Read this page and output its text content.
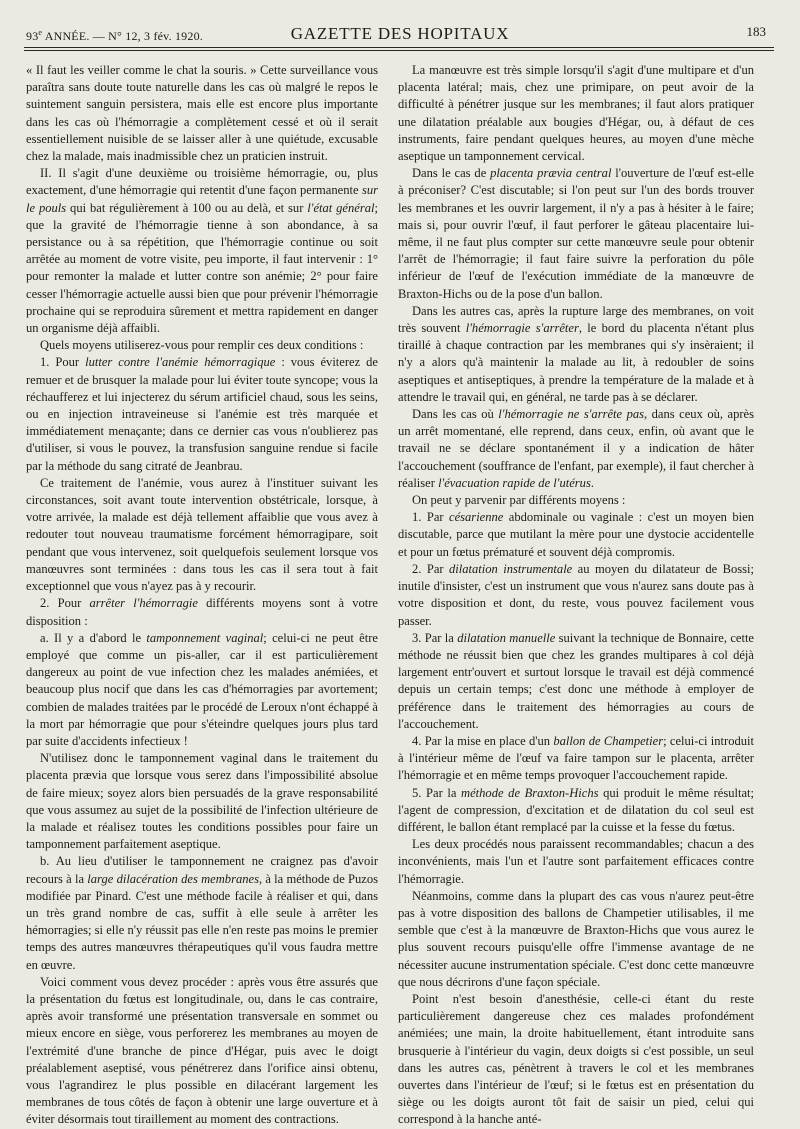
93e ANNÉE. — N° 12, 3 fév. 1920.	GAZETTE DES HOPITAUX	183

« Il faut les veiller comme le chat la souris. » Cette surveillance vous paraîtra sans doute toute naturelle dans les cas où malgré le repos le suintement sanguin persistera, mais elle est encore plus importante dans les cas où l'hémorragie a complètement cessé et où il serait essentiellement nuisible de se laisser aller à une quiétude, excusable chez la malade, mais inadmissible chez un praticien instruit.

II. Il s'agit d'une deuxième ou troisième hémorragie, ou, plus exactement, d'une hémorragie qui retentit d'une façon permanente sur le pouls qui bat régulièrement à 100 ou au delà, et sur l'état général; que la gravité de l'hémorragie tienne à son abondance, à sa persistance ou à sa répétition, que l'hémorragie continue ou soit arrêtée au moment de votre visite, peu importe, il faut intervenir : 1° pour remonter la malade et lutter contre son anémie; 2° pour faire cesser l'hémorragie actuelle aussi bien que pour prévenir l'hémorragie prochaine qui se reproduira sûrement et mettra rapidement en danger un organisme déjà affaibli.

Quels moyens utiliserez-vous pour remplir ces deux conditions :

1. Pour lutter contre l'anémie hémorragique : vous éviterez de remuer et de brusquer la malade pour lui éviter toute syncope; vous la réchaufferez et lui injecterez du sérum artificiel chaud, sous les seins, ou en injection intraveineuse si l'anémie est très marquée et immédiatement menaçante; dans ce dernier cas vous n'oublierez pas d'utiliser, si vous le pouvez, la transfusion sanguine rendue si facile par la méthode du sang citraté de Jeanbrau.

Ce traitement de l'anémie, vous aurez à l'instituer suivant les circonstances, soit avant toute intervention obstétricale, lorsque, à votre arrivée, la malade est déjà tellement affaiblie que vous avez à redouter tout nouveau traumatisme forcément hémorragipare, soit pendant que vous intervenez, soit quelquefois seulement lorsque vos manœuvres sont terminées : dans tous les cas il sera tout à fait exceptionnel que vous n'ayez pas à y recourir.

2. Pour arrêter l'hémorragie différents moyens sont à votre disposition :

a. Il y a d'abord le tamponnement vaginal; celui-ci ne peut être employé que comme un pis-aller, car il est particulièrement dangereux au point de vue infection chez les malades anémiées, et beaucoup plus nocif que dans les cas d'hémorragies par avortement; combien de malades traitées par le procédé de Leroux n'ont échappé à la mort par hémorragie que pour s'éteindre quelques jours plus tard par suite d'accidents infectieux !

N'utilisez donc le tamponnement vaginal dans le traitement du placenta prævia que lorsque vous serez dans l'impossibilité absolue de faire mieux; soyez alors bien persuadés de la grave responsabilité que vous assumez au sujet de la possibilité de l'infection ultérieure de la malade et réalisez toutes les conditions possibles pour faire un tamponnement parfaitement aseptique.

b. Au lieu d'utiliser le tamponnement ne craignez pas d'avoir recours à la large dilacération des membranes, à la méthode de Puzos modifiée par Pinard. C'est une méthode facile à réaliser et qui, dans un très grand nombre de cas, suffit à elle seule à arrêter les hémorragies; si elle n'y réussit pas elle n'en reste pas moins le premier temps des autres manœuvres thérapeutiques qu'il vous faudra mettre en œuvre.

Voici comment vous devez procéder : après vous être assurés que la présentation du fœtus est longitudinale, ou, dans le cas contraire, après avoir transformé une présentation transversale en sommet ou mieux encore en siège, vous perforerez les membranes au moyen de l'extrémité d'une branche de pince d'Hégar, puis avec le doigt préalablement aseptisé, vous pénétrerez dans l'orifice ainsi obtenu, vous l'agrandirez le plus possible en dilacérant largement les membranes de tous côtés de façon à obtenir une large ouverture et à éviter désormais tout tiraillement au moment des contractions.

La manœuvre est très simple lorsqu'il s'agit d'une multipare et d'un placenta latéral; mais, chez une primipare, on peut avoir de la difficulté à pénétrer jusque sur les membranes; il faut alors pratiquer une dilatation préalable aux bougies d'Hégar, ou, à défaut de ces instruments, faire pendant quelques heures, au moyen d'une mèche aseptique un tamponnement cervical.

Dans le cas de placenta prævia central l'ouverture de l'œuf est-elle à préconiser? C'est discutable; si l'on peut sur l'un des bords trouver les membranes et les ouvrir largement, il n'y a pas à hésiter à le faire; mais si, pour ouvrir l'œuf, il faut perforer le gâteau placentaire lui-même, il ne faut plus compter sur cette manœuvre seule pour obtenir l'arrêt de l'hémorragie; il faut faire suivre la perforation du pôle inférieur de l'œuf de l'exécution immédiate de la manœuvre de Braxton-Hichs ou de la pose d'un ballon.

Dans les autres cas, après la rupture large des membranes, on voit très souvent l'hémorragie s'arrêter, le bord du placenta n'étant plus tiraillé à chaque contraction par les membranes qui s'y insèraient; il n'y a alors qu'à maintenir la malade au lit, à redoubler de soins aseptiques et antiseptiques, à prendre la température de la malade et à attendre le travail qui, en général, ne tarde pas à se déclarer.

Dans les cas où l'hémorragie ne s'arrête pas, dans ceux où, après un arrêt momentané, elle reprend, dans ceux, enfin, où avant que le travail ne se déclare spontanément il y a indication de hâter l'accouchement (souffrance de l'enfant, par exemple), il faut chercher à réaliser l'évacuation rapide de l'utérus.

On peut y parvenir par différents moyens :

1. Par césarienne abdominale ou vaginale : c'est un moyen bien discutable, parce que mutilant la mère pour une dystocie accidentelle et pour un fœtus prématuré et souvent déjà compromis.

2. Par dilatation instrumentale au moyen du dilatateur de Bossi; inutile d'insister, c'est un instrument que vous n'aurez sans doute pas à votre disposition et dont, du reste, vous pouvez facilement vous passer.

3. Par la dilatation manuelle suivant la technique de Bonnaire, cette méthode ne réussit bien que chez les grandes multipares à col déjà largement entr'ouvert et surtout lorsque le travail est déjà commencé depuis un certain temps; c'est donc une méthode à employer de préférence dans le traitement des hémorragies au cours de l'accouchement.

4. Par la mise en place d'un ballon de Champetier; celui-ci introduit à l'intérieur même de l'œuf va faire tampon sur le placenta, arrêter l'hémorragie et en même temps provoquer l'accouchement rapide.

5. Par la méthode de Braxton-Hichs qui produit le même résultat; l'agent de compression, d'excitation et de dilatation du col seul est différent, le ballon étant remplacé par la cuisse et la fesse du fœtus.

Les deux procédés nous paraissent recommandables; chacun a des inconvénients, mais l'un et l'autre sont parfaitement efficaces contre l'hémorragie.

Néanmoins, comme dans la plupart des cas vous n'aurez peut-être pas à votre disposition des ballons de Champetier utilisables, il me semble que c'est à la manœuvre de Braxton-Hichs que vous aurez le plus souvent recours puisqu'elle offre l'immense avantage de ne nécessiter aucune instrumentation spéciale. C'est donc cette manœuvre que nous décrirons d'une façon spéciale.

Point n'est besoin d'anesthésie, celle-ci étant du reste particulièrement dangereuse chez ces malades profondément anémiées; une main, la droite habituellement, étant introduite sans brusquerie à l'intérieur du vagin, deux doigts si c'est possible, un seul dans les autres cas, pénètrent à travers le col et les membranes ouvertes dans l'intérieur de l'œuf; si le fœtus est en présentation du siège ou les doigts auront tôt fait de saisir un pied, celui qui correspond à la hanche anté-
